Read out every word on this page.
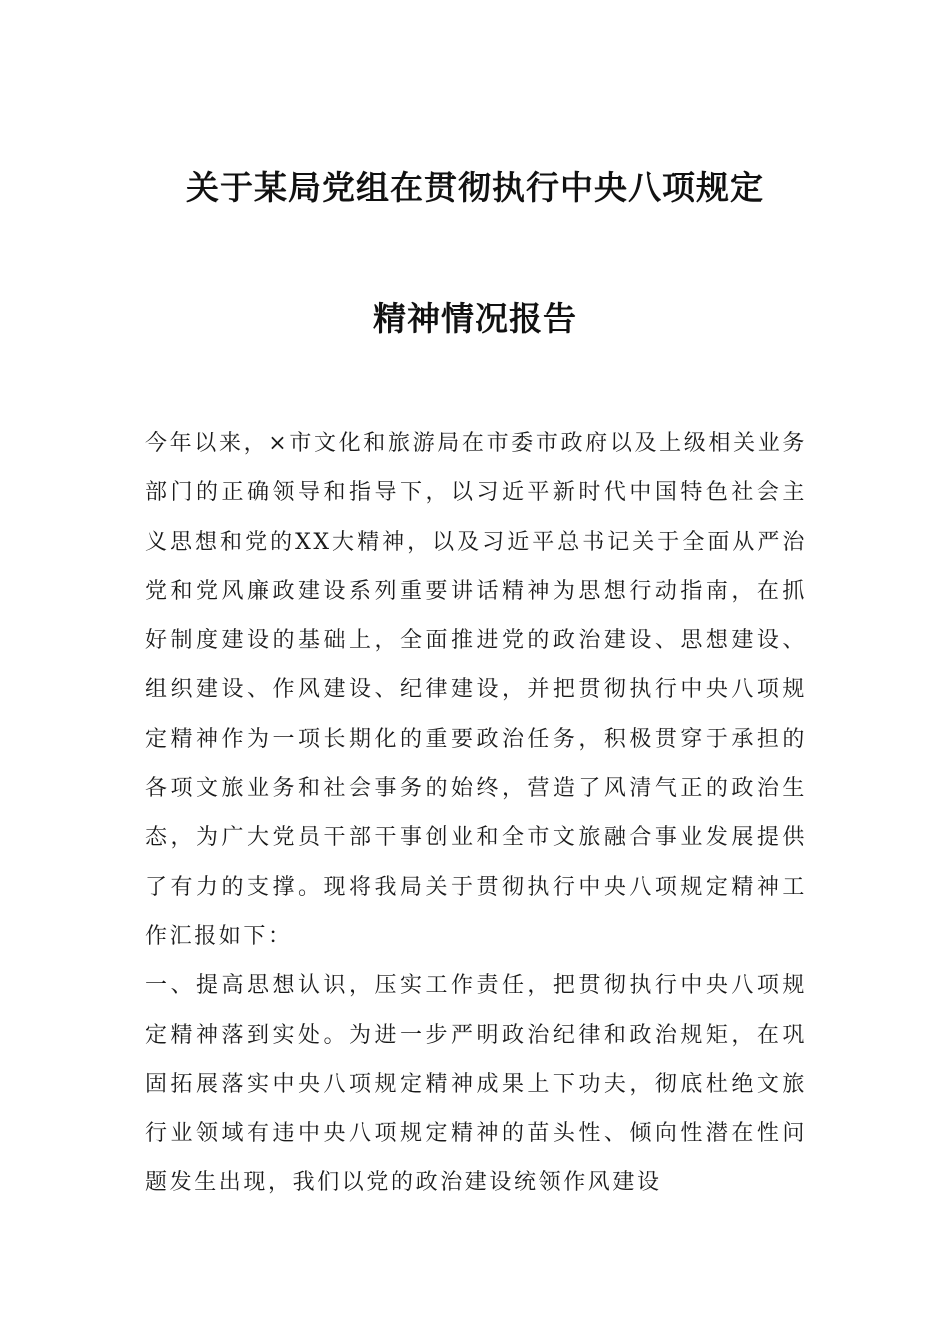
关于某局党组在贯彻执行中央八项规定
精神情况报告

今年以来，×市文化和旅游局在市委市政府以及上级相关业务部门的正确领导和指导下，以习近平新时代中国特色社会主义思想和党的XX大精神，以及习近平总书记关于全面从严治党和党风廉政建设系列重要讲话精神为思想行动指南，在抓好制度建设的基础上，全面推进党的政治建设、思想建设、组织建设、作风建设、纪律建设，并把贯彻执行中央八项规定精神作为一项长期化的重要政治任务，积极贯穿于承担的各项文旅业务和社会事务的始终，营造了风清气正的政治生态，为广大党员干部干事创业和全市文旅融合事业发展提供了有力的支撑。现将我局关于贯彻执行中央八项规定精神工作汇报如下：

一、提高思想认识，压实工作责任，把贯彻执行中央八项规定精神落到实处。为进一步严明政治纪律和政治规矩，在巩固拓展落实中央八项规定精神成果上下功夫，彻底杜绝文旅行业领域有违中央八项规定精神的苗头性、倾向性潜在性问题发生出现，我们以党的政治建设统领作风建设
